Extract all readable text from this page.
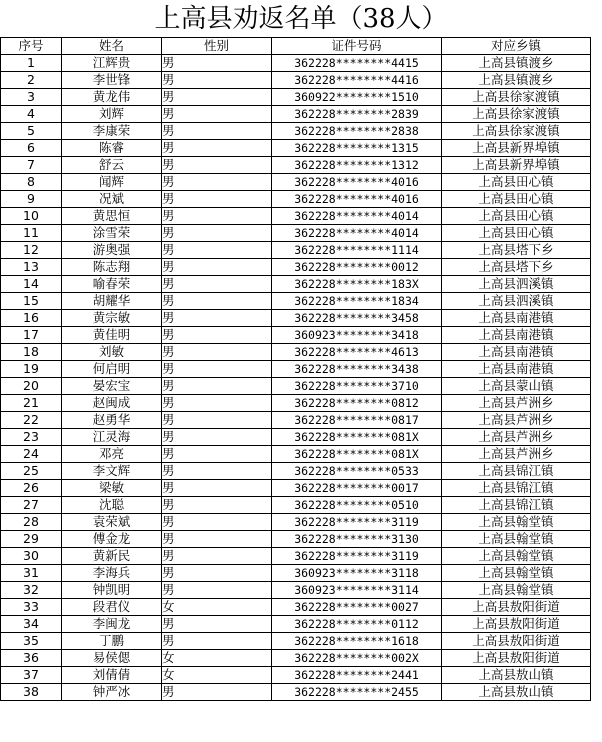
上高县劝返名单（38人）
序号	姓名	性别	证件号码	对应乡镇
1	江辉贵	男	362228********4415	上高县镇渡乡
2	李世锋	男	362228********4416	上高县镇渡乡
3	黄龙伟	男	360922********1510	上高县徐家渡镇
4	刘辉	男	362228********2839	上高县徐家渡镇
5	李康荣	男	362228********2838	上高县徐家渡镇
6	陈睿	男	362228********1315	上高县新界埠镇
7	舒云	男	362228********1312	上高县新界埠镇
8	闻辉	男	362228********4016	上高县田心镇
9	况斌	男	362228********4016	上高县田心镇
10	黄思恒	男	362228********4014	上高县田心镇
11	涂雪荣	男	362228********4014	上高县田心镇
12	游奥强	男	362228********1114	上高县塔下乡
13	陈志翔	男	362228********0012	上高县塔下乡
14	喻春荣	男	362228********183X	上高县泗溪镇
15	胡耀华	男	362228********1834	上高县泗溪镇
16	黄宗敏	男	362228********3458	上高县南港镇
17	黄佳明	男	360923********3418	上高县南港镇
18	刘敏	男	362228********4613	上高县南港镇
19	何启明	男	362228********3438	上高县南港镇
20	晏宏宝	男	362228********3710	上高县蒙山镇
21	赵闽成	男	362228********0812	上高县芦洲乡
22	赵勇华	男	362228********0817	上高县芦洲乡
23	江灵海	男	362228********081X	上高县芦洲乡
24	邓亮	男	362228********081X	上高县芦洲乡
25	李文辉	男	362228********0533	上高县锦江镇
26	梁敏	男	362228********0017	上高县锦江镇
27	沈聪	男	362228********0510	上高县锦江镇
28	袁荣斌	男	362228********3119	上高县翰堂镇
29	傅金龙	男	362228********3130	上高县翰堂镇
30	黄新民	男	362228********3119	上高县翰堂镇
31	李海兵	男	360923********3118	上高县翰堂镇
32	钟凯明	男	360923********3114	上高县翰堂镇
33	段君仪	女	362228********0027	上高县敖阳街道
34	李闽龙	男	362228********0112	上高县敖阳街道
35	丁鹏	男	362228********1618	上高县敖阳街道
36	易侯偲	女	362228********002X	上高县敖阳街道
37	刘倩倩	女	362228********2441	上高县敖山镇
38	钟严冰	男	362228********2455	上高县敖山镇
